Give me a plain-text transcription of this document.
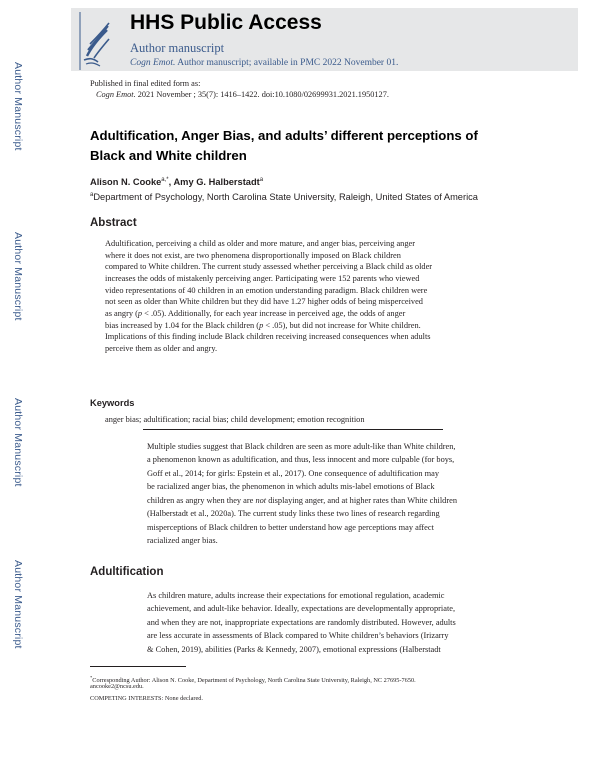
Author Manuscript
Author Manuscript
Author Manuscript
Author Manuscript
HHS Public Access
Author manuscript
Cogn Emot. Author manuscript; available in PMC 2022 November 01.
Published in final edited form as:
Cogn Emot. 2021 November ; 35(7): 1416–1422. doi:10.1080/02699931.2021.1950127.
Adultification, Anger Bias, and adults’ different perceptions of
Black and White children
Alison N. Cooke$^{a,*}$, Amy G. Halberstadt$^a$
$^a$Department of Psychology, North Carolina State University, Raleigh, United States of America
Abstract
Adultification, perceiving a child as older and more mature, and anger bias, perceiving anger
where it does not exist, are two phenomena disproportionally imposed on Black children
compared to White children. The current study assessed whether perceiving a Black child as older
increases the odds of mistakenly perceiving anger. Participating were 152 parents who viewed
video representations of 40 children in an emotion understanding paradigm. Black children were
not seen as older than White children but they did have 1.27 higher odds of being misperceived
as angry (p < .05). Additionally, for each year increase in perceived age, the odds of anger
bias increased by 1.04 for the Black children (p < .05), but did not increase for White children.
Implications of this finding include Black children receiving increased consequences when adults
perceive them as older and angry.
Keywords
anger bias; adultification; racial bias; child development; emotion recognition
Multiple studies suggest that Black children are seen as more adult-like than White children,
a phenomenon known as adultification, and thus, less innocent and more culpable (for boys,
Goff et al., 2014; for girls: Epstein et al., 2017). One consequence of adultification may
be racialized anger bias, the phenomenon in which adults mis-label emotions of Black
children as angry when they are not displaying anger, and at higher rates than White children
(Halberstadt et al., 2020a). The current study links these two lines of research regarding
misperceptions of Black children to better understand how age perceptions may affect
racialized anger bias.
Adultification
As children mature, adults increase their expectations for emotional regulation, academic
achievement, and adult-like behavior. Ideally, expectations are developmentally appropriate,
and when they are not, inappropriate expectations are randomly distributed. However, adults
are less accurate in assessments of Black compared to White children’s behaviors (Irizarry
& Cohen, 2019), abilities (Parks & Kennedy, 2007), emotional expressions (Halberstadt
*Corresponding Author: Alison N. Cooke, Department of Psychology, North Carolina State University, Raleigh, NC 27695-7650.
ancooke2@ncsu.edu.
COMPETING INTERESTS: None declared.
